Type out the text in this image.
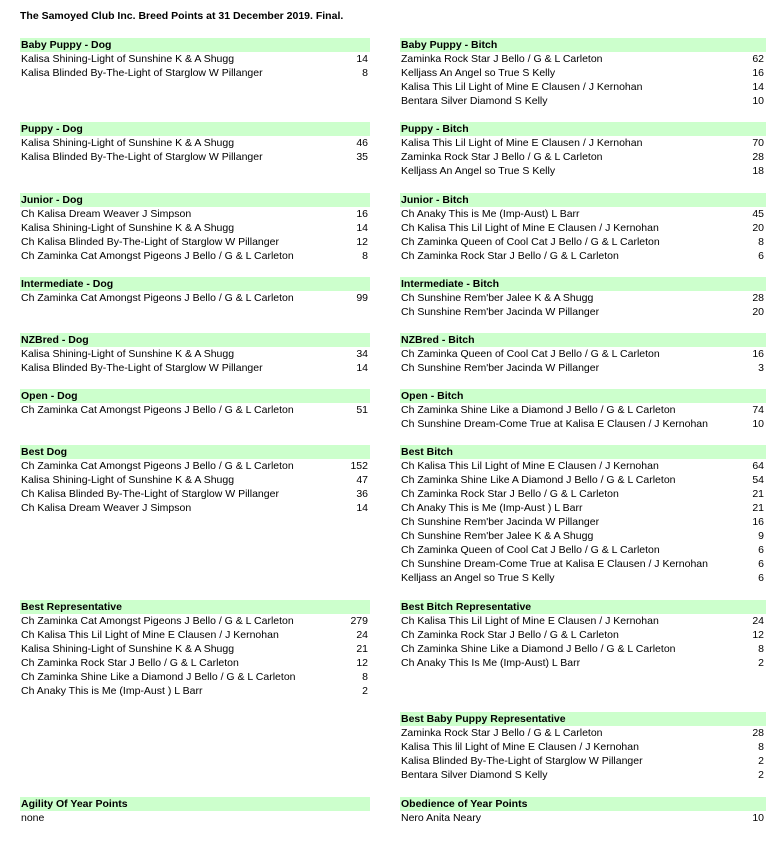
The Samoyed Club Inc. Breed Points at 31 December 2019. Final.
Baby Puppy - Dog
Kalisa Shining-Light of Sunshine K & A Shugg	14
Kalisa Blinded By-The-Light of Starglow W Pillanger	8
Baby Puppy - Bitch
Zaminka Rock Star J Bello / G & L Carleton	62
Kelljass An Angel so True S Kelly	16
Kalisa This Lil Light of Mine E Clausen / J Kernohan	14
Bentara Silver Diamond S Kelly	10
Puppy - Dog
Kalisa Shining-Light of Sunshine K & A Shugg	46
Kalisa Blinded By-The-Light of Starglow W Pillanger	35
Puppy - Bitch
Kalisa This Lil Light of Mine E Clausen / J Kernohan	70
Zaminka Rock Star J Bello / G & L Carleton	28
Kelljass An Angel so True S Kelly	18
Junior - Dog
Ch Kalisa Dream Weaver J Simpson	16
Kalisa Shining-Light of Sunshine K & A Shugg	14
Ch Kalisa Blinded By-The-Light of Starglow W Pillanger	12
Ch Zaminka Cat Amongst Pigeons J Bello / G & L Carleton	8
Junior - Bitch
Ch Anaky This is Me (Imp-Aust) L Barr	45
Ch Kalisa This Lil Light of Mine E Clausen / J Kernohan	20
Ch Zaminka Queen of Cool Cat J Bello / G & L Carleton	8
Ch Zaminka Rock Star J Bello / G & L Carleton	6
Intermediate - Dog
Ch Zaminka Cat Amongst Pigeons J Bello / G & L Carleton	99
Intermediate - Bitch
Ch Sunshine Rem'ber Jalee K & A Shugg	28
Ch Sunshine Rem'ber Jacinda W Pillanger	20
NZBred - Dog
Kalisa Shining-Light of Sunshine K & A Shugg	34
Kalisa Blinded By-The-Light of Starglow W Pillanger	14
NZBred - Bitch
Ch Zaminka Queen of Cool Cat J Bello / G & L Carleton	16
Ch Sunshine Rem'ber Jacinda W Pillanger	3
Open - Dog
Ch Zaminka Cat Amongst Pigeons J Bello / G & L Carleton	51
Open - Bitch
Ch Zaminka Shine Like a Diamond J Bello / G & L Carleton	74
Ch Sunshine Dream-Come True at Kalisa E Clausen / J Kernohan	10
Best Dog
Ch Zaminka Cat Amongst Pigeons J Bello / G & L Carleton	152
Kalisa Shining-Light of Sunshine K & A Shugg	47
Ch Kalisa Blinded By-The-Light of Starglow W Pillanger	36
Ch Kalisa Dream Weaver J Simpson	14
Best Bitch
Ch Kalisa This Lil Light of Mine E Clausen / J Kernohan	64
Ch Zaminka Shine Like A Diamond J Bello / G & L Carleton	54
Ch Zaminka Rock Star J Bello / G & L Carleton	21
Ch Anaky This is Me (Imp-Aust ) L Barr	21
Ch Sunshine Rem'ber Jacinda W Pillanger	16
Ch Sunshine Rem'ber Jalee K & A Shugg	9
Ch Zaminka Queen of Cool Cat J Bello / G & L Carleton	6
Ch Sunshine Dream-Come True at Kalisa E Clausen / J Kernohan	6
Kelljass an Angel so True S Kelly	6
Best Representative
Ch Zaminka Cat Amongst Pigeons J Bello / G & L Carleton	279
Ch Kalisa This Lil Light of Mine E Clausen / J Kernohan	24
Kalisa Shining-Light of Sunshine K & A Shugg	21
Ch Zaminka Rock Star J Bello / G & L Carleton	12
Ch Zaminka Shine Like a Diamond J Bello / G & L Carleton	8
Ch Anaky This is Me (Imp-Aust ) L Barr	2
Best Bitch Representative
Ch Kalisa This Lil Light of Mine E Clausen / J Kernohan	24
Ch Zaminka Rock Star J Bello / G & L Carleton	12
Ch Zaminka Shine Like a Diamond J Bello / G & L Carleton	8
Ch Anaky This Is Me (Imp-Aust) L Barr	2
Best Baby Puppy Representative
Zaminka Rock Star J Bello / G & L Carleton	28
Kalisa This lil Light of Mine E Clausen / J Kernohan	8
Kalisa Blinded By-The-Light of Starglow W Pillanger	2
Bentara Silver Diamond S Kelly	2
Agility Of Year Points
none
Obedience of Year Points
Nero Anita Neary	10
